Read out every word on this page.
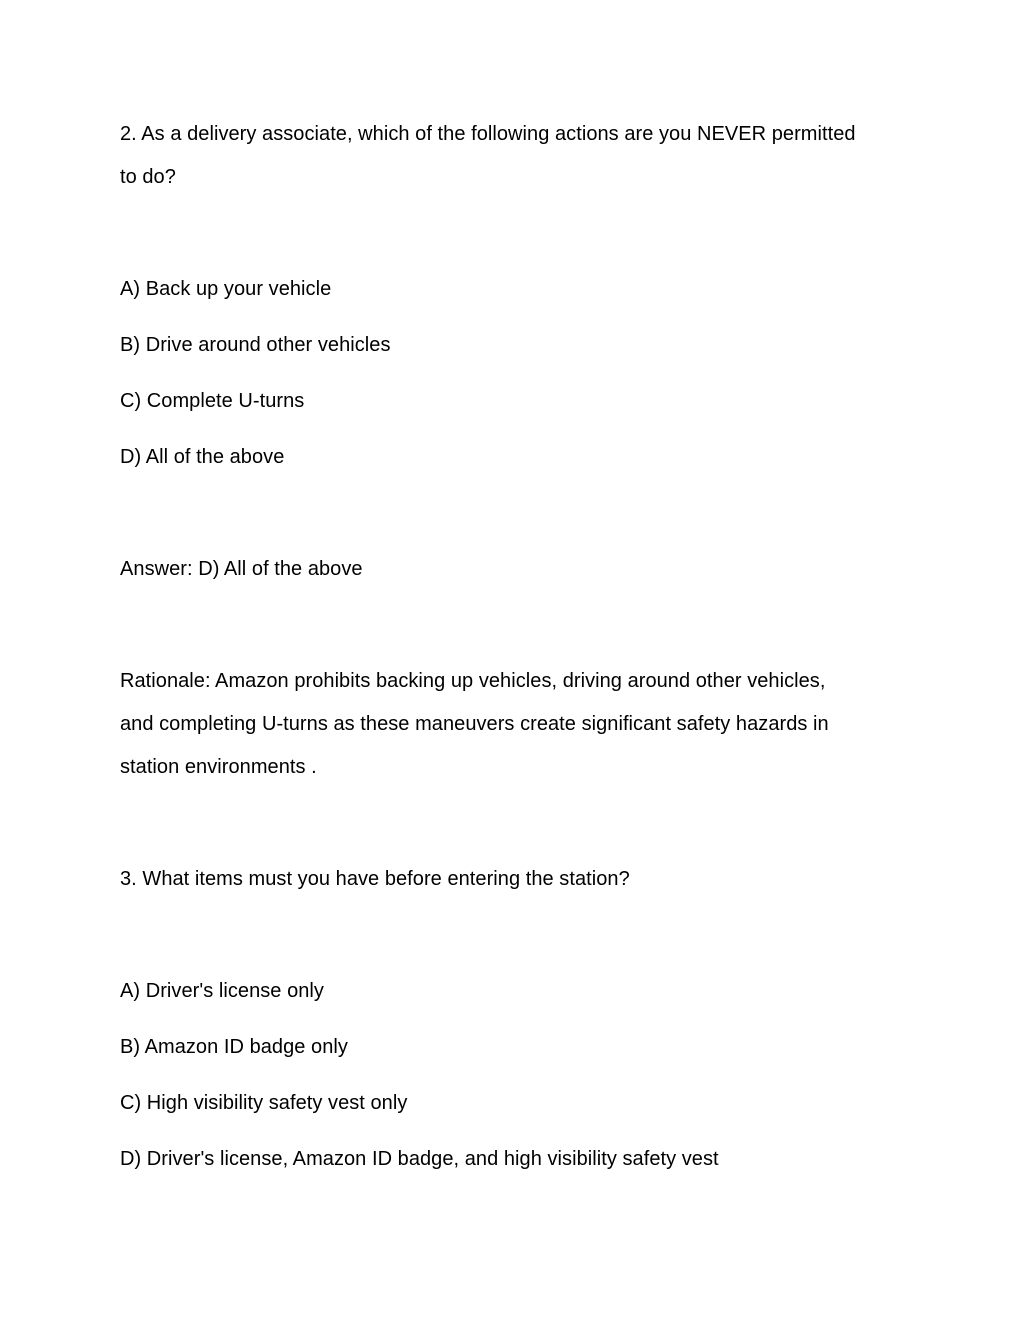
2. As a delivery associate, which of the following actions are you NEVER permitted
to do?
A) Back up your vehicle
B) Drive around other vehicles
C) Complete U-turns
D) All of the above
Answer: D) All of the above
Rationale: Amazon prohibits backing up vehicles, driving around other vehicles,
and completing U-turns as these maneuvers create significant safety hazards in
station environments .
3. What items must you have before entering the station?
A) Driver's license only
B) Amazon ID badge only
C) High visibility safety vest only
D) Driver's license, Amazon ID badge, and high visibility safety vest
